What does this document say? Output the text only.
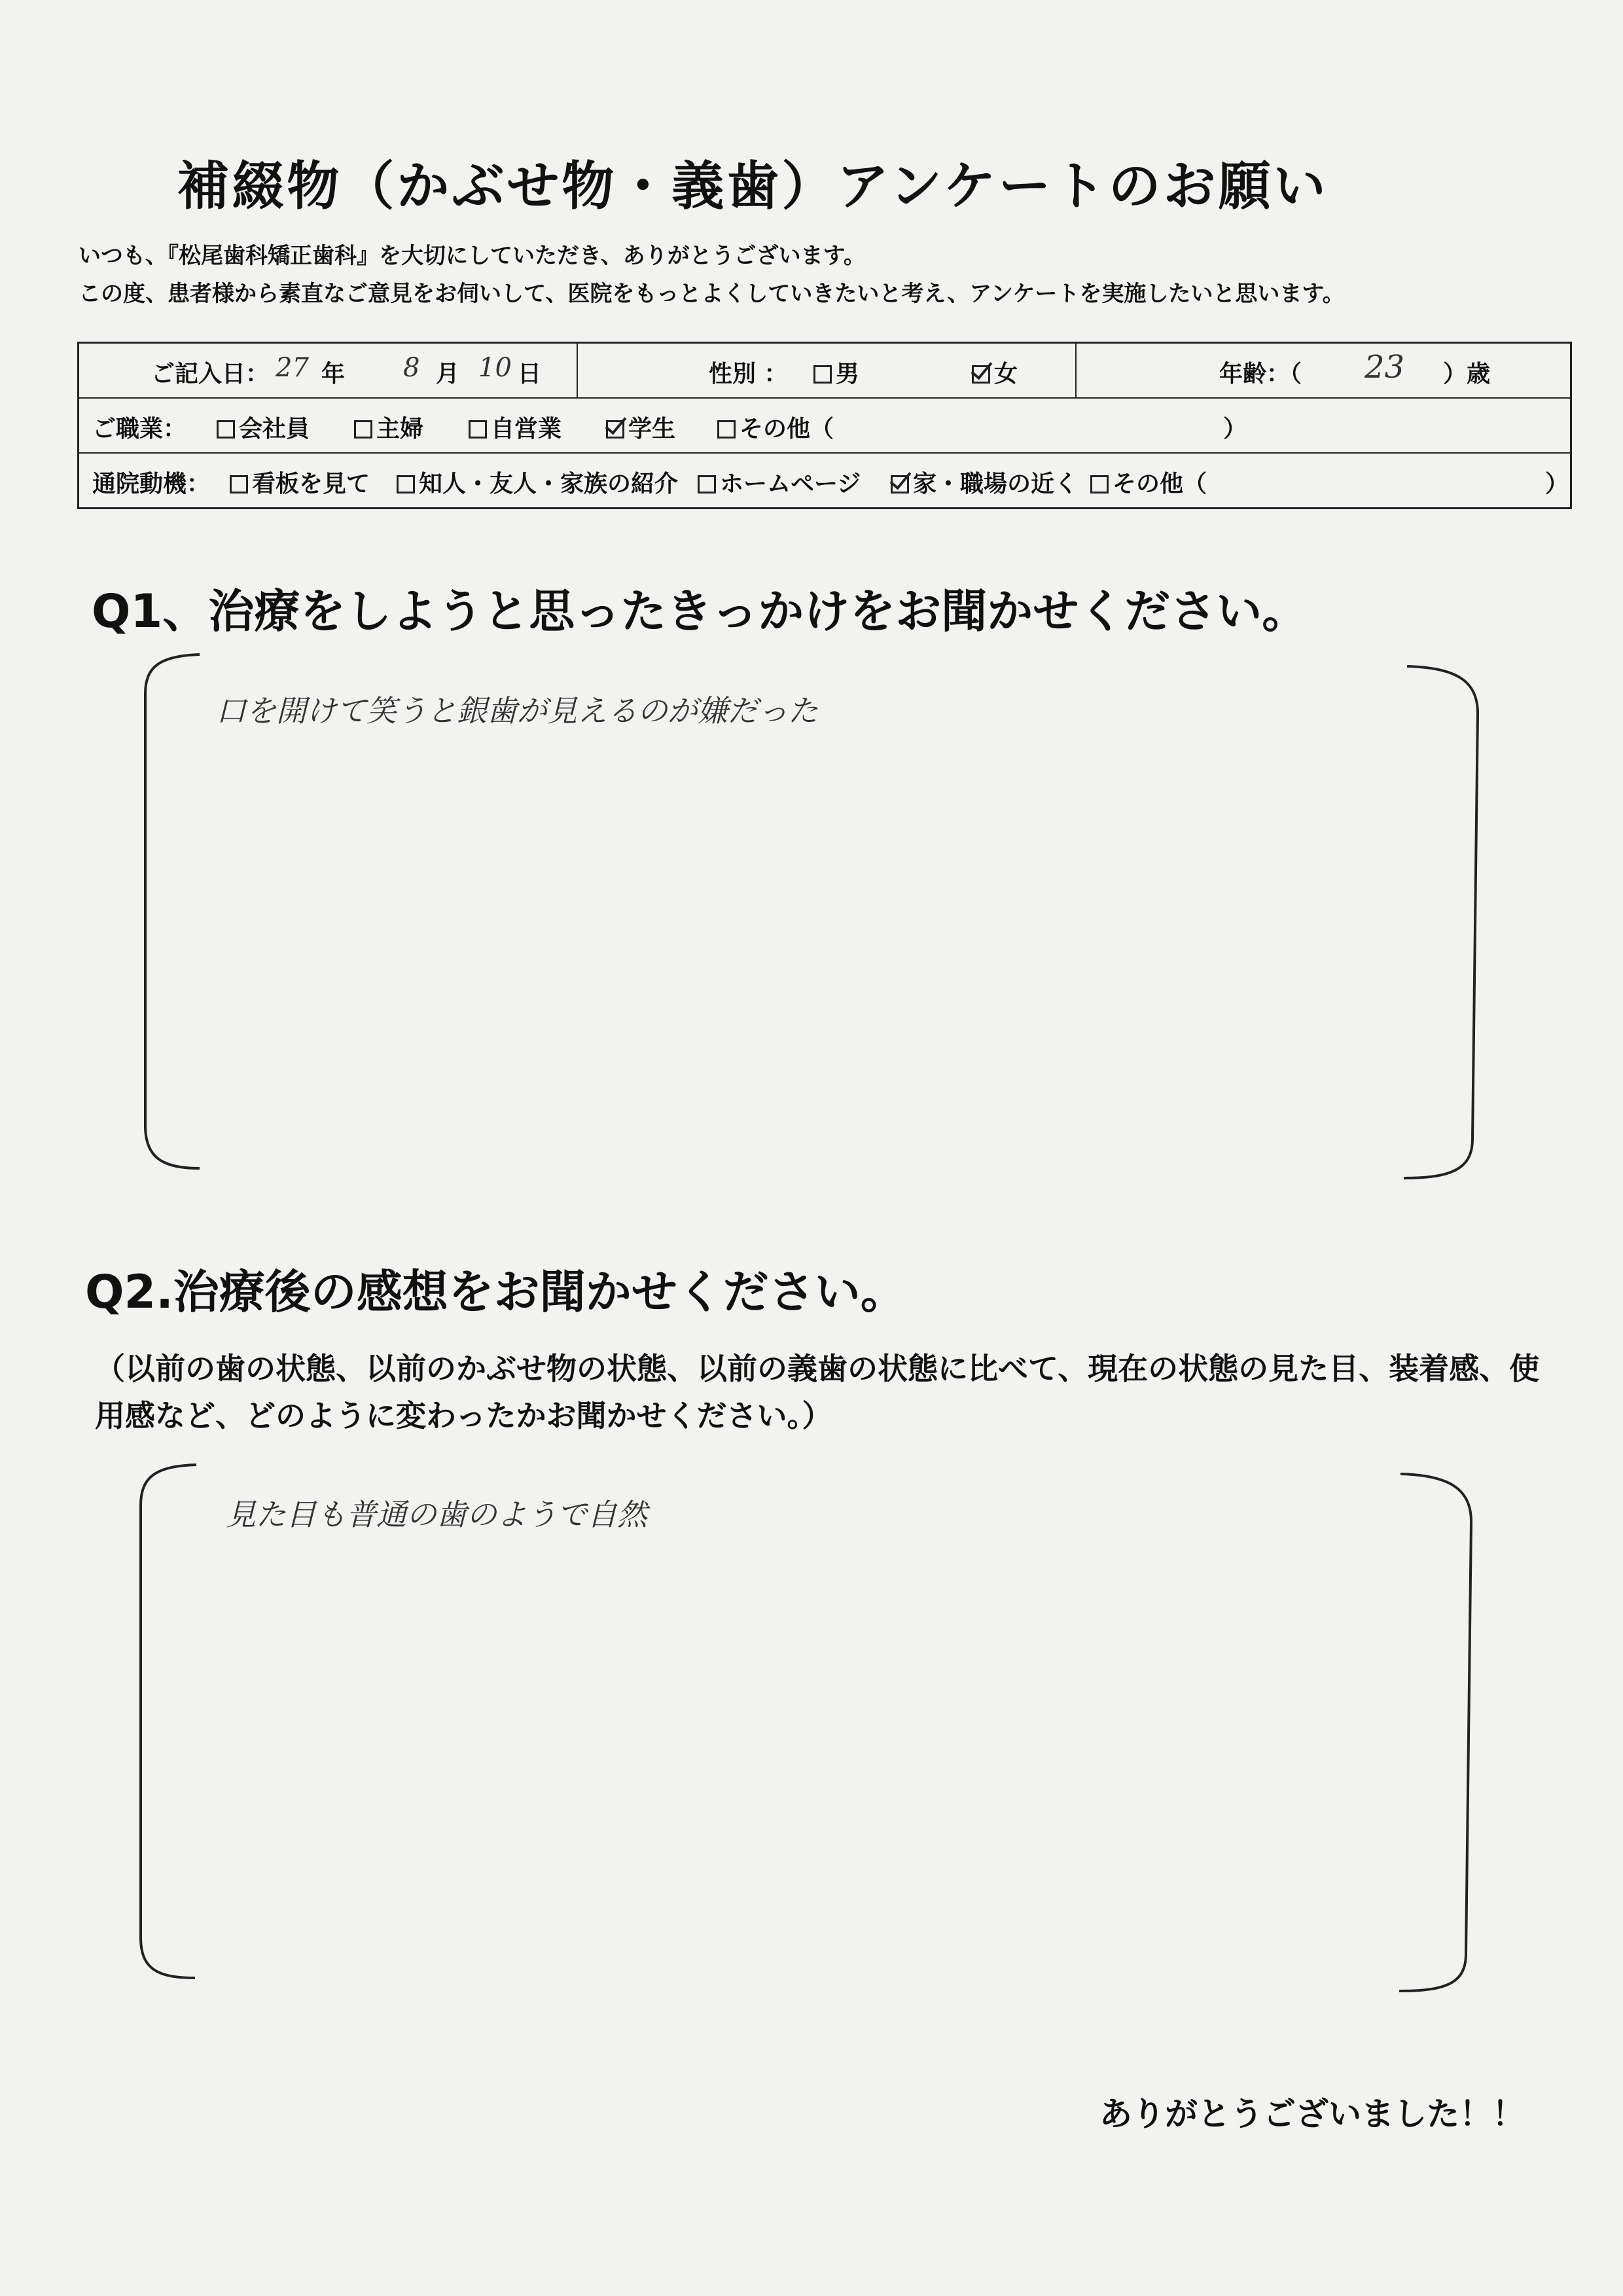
補綴物（かぶせ物・義歯）アンケートのお願い
いつも、『松尾歯科矯正歯科』を大切にしていただき、ありがとうございます。
この度、患者様から素直なご意見をお伺いして、医院をもっとよくしていきたいと考え、アンケートを実施したいと思います。
ご記入日： 27 年 8 月 10 日	性別 ：	男	女	年齢：（ 23 ）歳
ご職業：	会社員	主婦	自営業	学生	その他（	）
通院動機：	看板を見て	知人・友人・家族の紹介	ホームページ	家・職場の近く	その他（	）
Q1、治療をしようと思ったきっかけをお聞かせください。
口を開けて笑うと銀歯が見えるのが嫌だった
Q2.治療後の感想をお聞かせください。
（以前の歯の状態、以前のかぶせ物の状態、以前の義歯の状態に比べて、現在の状態の見た目、装着感、使用感など、どのように変わったかお聞かせください。）
見た目も普通の歯のようで自然
ありがとうございました！！
